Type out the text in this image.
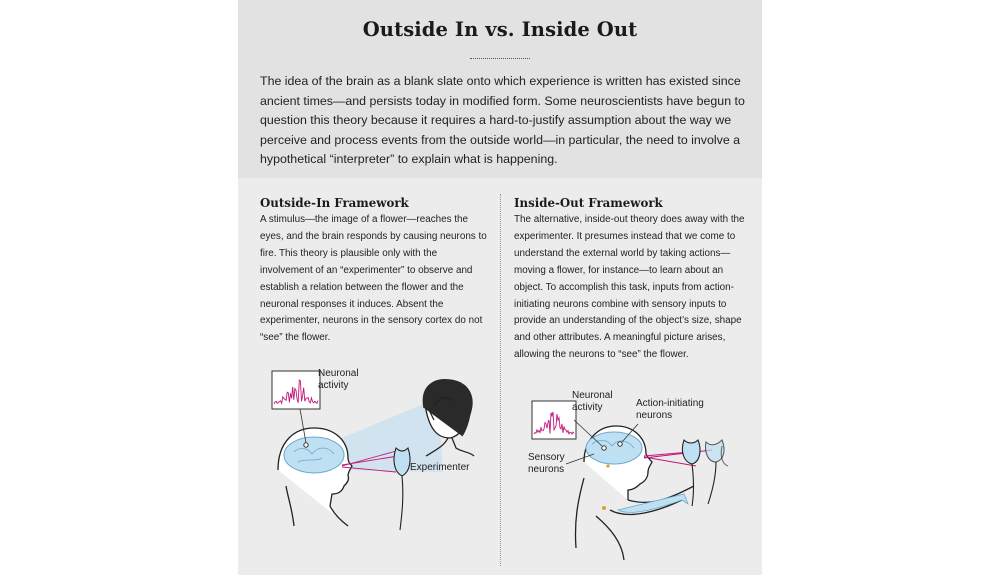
Outside In vs. Inside Out
The idea of the brain as a blank slate onto which experience is written has existed since ancient times—and persists today in modified form. Some neuroscientists have begun to question this theory because it requires a hard-to-justify assumption about the way we perceive and process events from the outside world—in particular, the need to involve a hypothetical “interpreter” to explain what is happening.
Outside-In Framework
A stimulus—the image of a flower—reaches the eyes, and the brain responds by causing neurons to fire. This theory is plausible only with the involvement of an “experimenter” to observe and establish a relation between the flower and the neuronal responses it induces. Absent the experimenter, neurons in the sensory cortex do not “see” the flower.
Inside-Out Framework
The alternative, inside-out theory does away with the experimenter. It presumes instead that we come to understand the external world by taking actions— moving a flower, for instance—to learn about an object. To accomplish this task, inputs from action-initiating neurons combine with sensory inputs to provide an understanding of the object’s size, shape and other attributes. A meaningful picture arises, allowing the neurons to “see” the flower.
Neuronal activity
Experimenter
Neuronal activity	Action-initiating neurons
Sensory neurons
